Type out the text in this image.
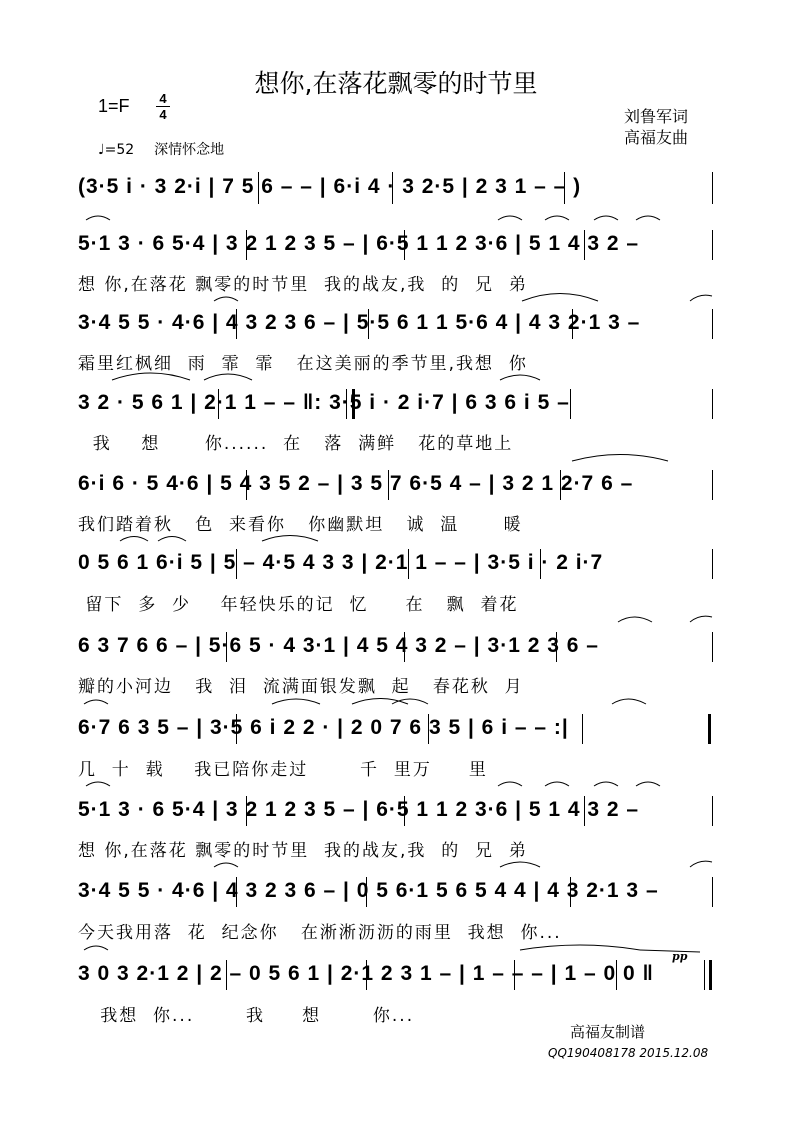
想你,在落花飘零的时节里
1=F 4
4	刘鲁军词
高福友曲
♩=52 深情怀念地
(3·5 i · 3 2·i | 7 5 6 – – | 6·i 4 · 3 2·5 | 2 3 1 – – )
5·1 3 · 6 5·4 | 3 2 1 2 3 5 – | 6·5 1 1 2 3·6 | 5 1 4 3 2 –
想 你,在落花 飘零的时节里  我的战友,我  的  兄  弟
3·4 5 5 · 4·6 | 4 3 2 3 6 – | 5·5 6 1 1 5·6 4 | 4 3 2·1 3 –
霜里红枫细  雨  霏  霏   在这美丽的季节里,我想  你
3 2 · 5 6 1 | 2·1 1 – – ‖: 3·5 i · 2 i·7 | 6 3 6 i 5 –
我    想      你......  在   落  满鲜   花的草地上
6·i 6 · 5 4·6 | 5 4 3 5 2 – | 3 5 7 6·5 4 – | 3 2 1 2·7 6 –
我们踏着秋   色  来看你   你幽默坦   诚  温      暖
0 5 6 1 6·i 5 | 5 – 4·5 4 3 3 | 2·1 1 – – | 3·5 i · 2 i·7
留下  多  少    年轻快乐的记  忆     在   飘  着花
6 3 7 6 6 – | 5·6 5 · 4 3·1 | 4 5 4 3 2 – | 3·1 2 3 6 –
瓣的小河边   我  泪  流满面银发飘  起   春花秋  月
6·7 6 3 5 – | 3·5 6 i 2 2 · | 2 0 7 6 3 5 | 6 i – – :|
几  十  载    我已陪你走过       千  里万     里
5·1 3 · 6 5·4 | 3 2 1 2 3 5 – | 6·5 1 1 2 3·6 | 5 1 4 3 2 –
想 你,在落花 飘零的时节里  我的战友,我  的  兄  弟
3·4 5 5 · 4·6 | 4 3 2 3 6 – | 0 5 6·1 5 6 5 4 4 | 4 3 2·1 3 –
今天我用落  花  纪念你   在淅淅沥沥的雨里  我想  你...
3 0 3 2·1 2 | 2 – 0 5 6 1 | 2·1 2 3 1 – | 1 – – – | 1 – 0 0 ‖
我想  你...       我     想       你...
pp
高福友制谱
QQ190408178 2015.12.08
